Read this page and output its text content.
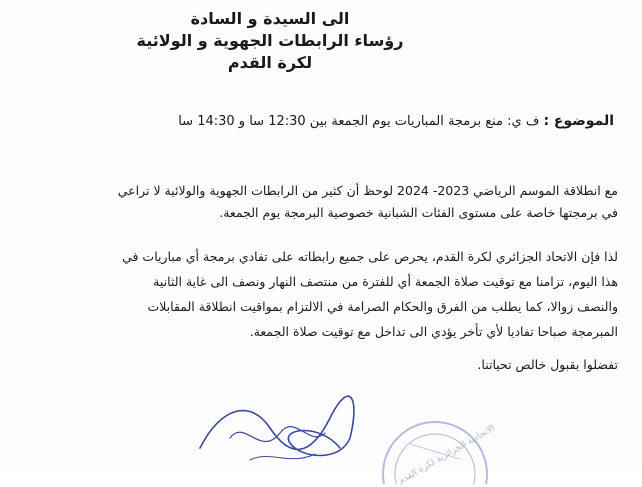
الى السيدة و السادة
رؤساء الرابطات الجهوية و الولائية لكرة القدم
الموضوع : ف ي: منع برمجة المباريات يوم الجمعة بين 12:30 سا و 14:30 سا
مع انطلاقة الموسم الرياضي 2023- 2024 لوحظ أن كثير من الرابطات الجهوية والولائية لا تراعي
في برمجتها خاصة على مستوى الفئات الشبانية خصوصية البرمجة يوم الجمعة.
لذا فإن الاتحاد الجزائري لكرة القدم، يحرص على جميع رابطاته على تفادي برمجة أي مباريات في
هذا اليوم، تزامنا مع توقيت صلاة الجمعة أي للفترة من منتصف النهار ونصف الى غاية الثانية
والنصف زوالا، كما يطلب من الفرق والحكام الصرامة في الالتزام بمواقيت انطلاقة المقابلات
المبرمجة صباحا تفاديا لأي تأخر يؤدي الى تداخل مع توقيت صلاة الجمعة.
تفضلوا بقبول خالص تحياتنا.
الاتحادية الجزائرية لكرة القدم
